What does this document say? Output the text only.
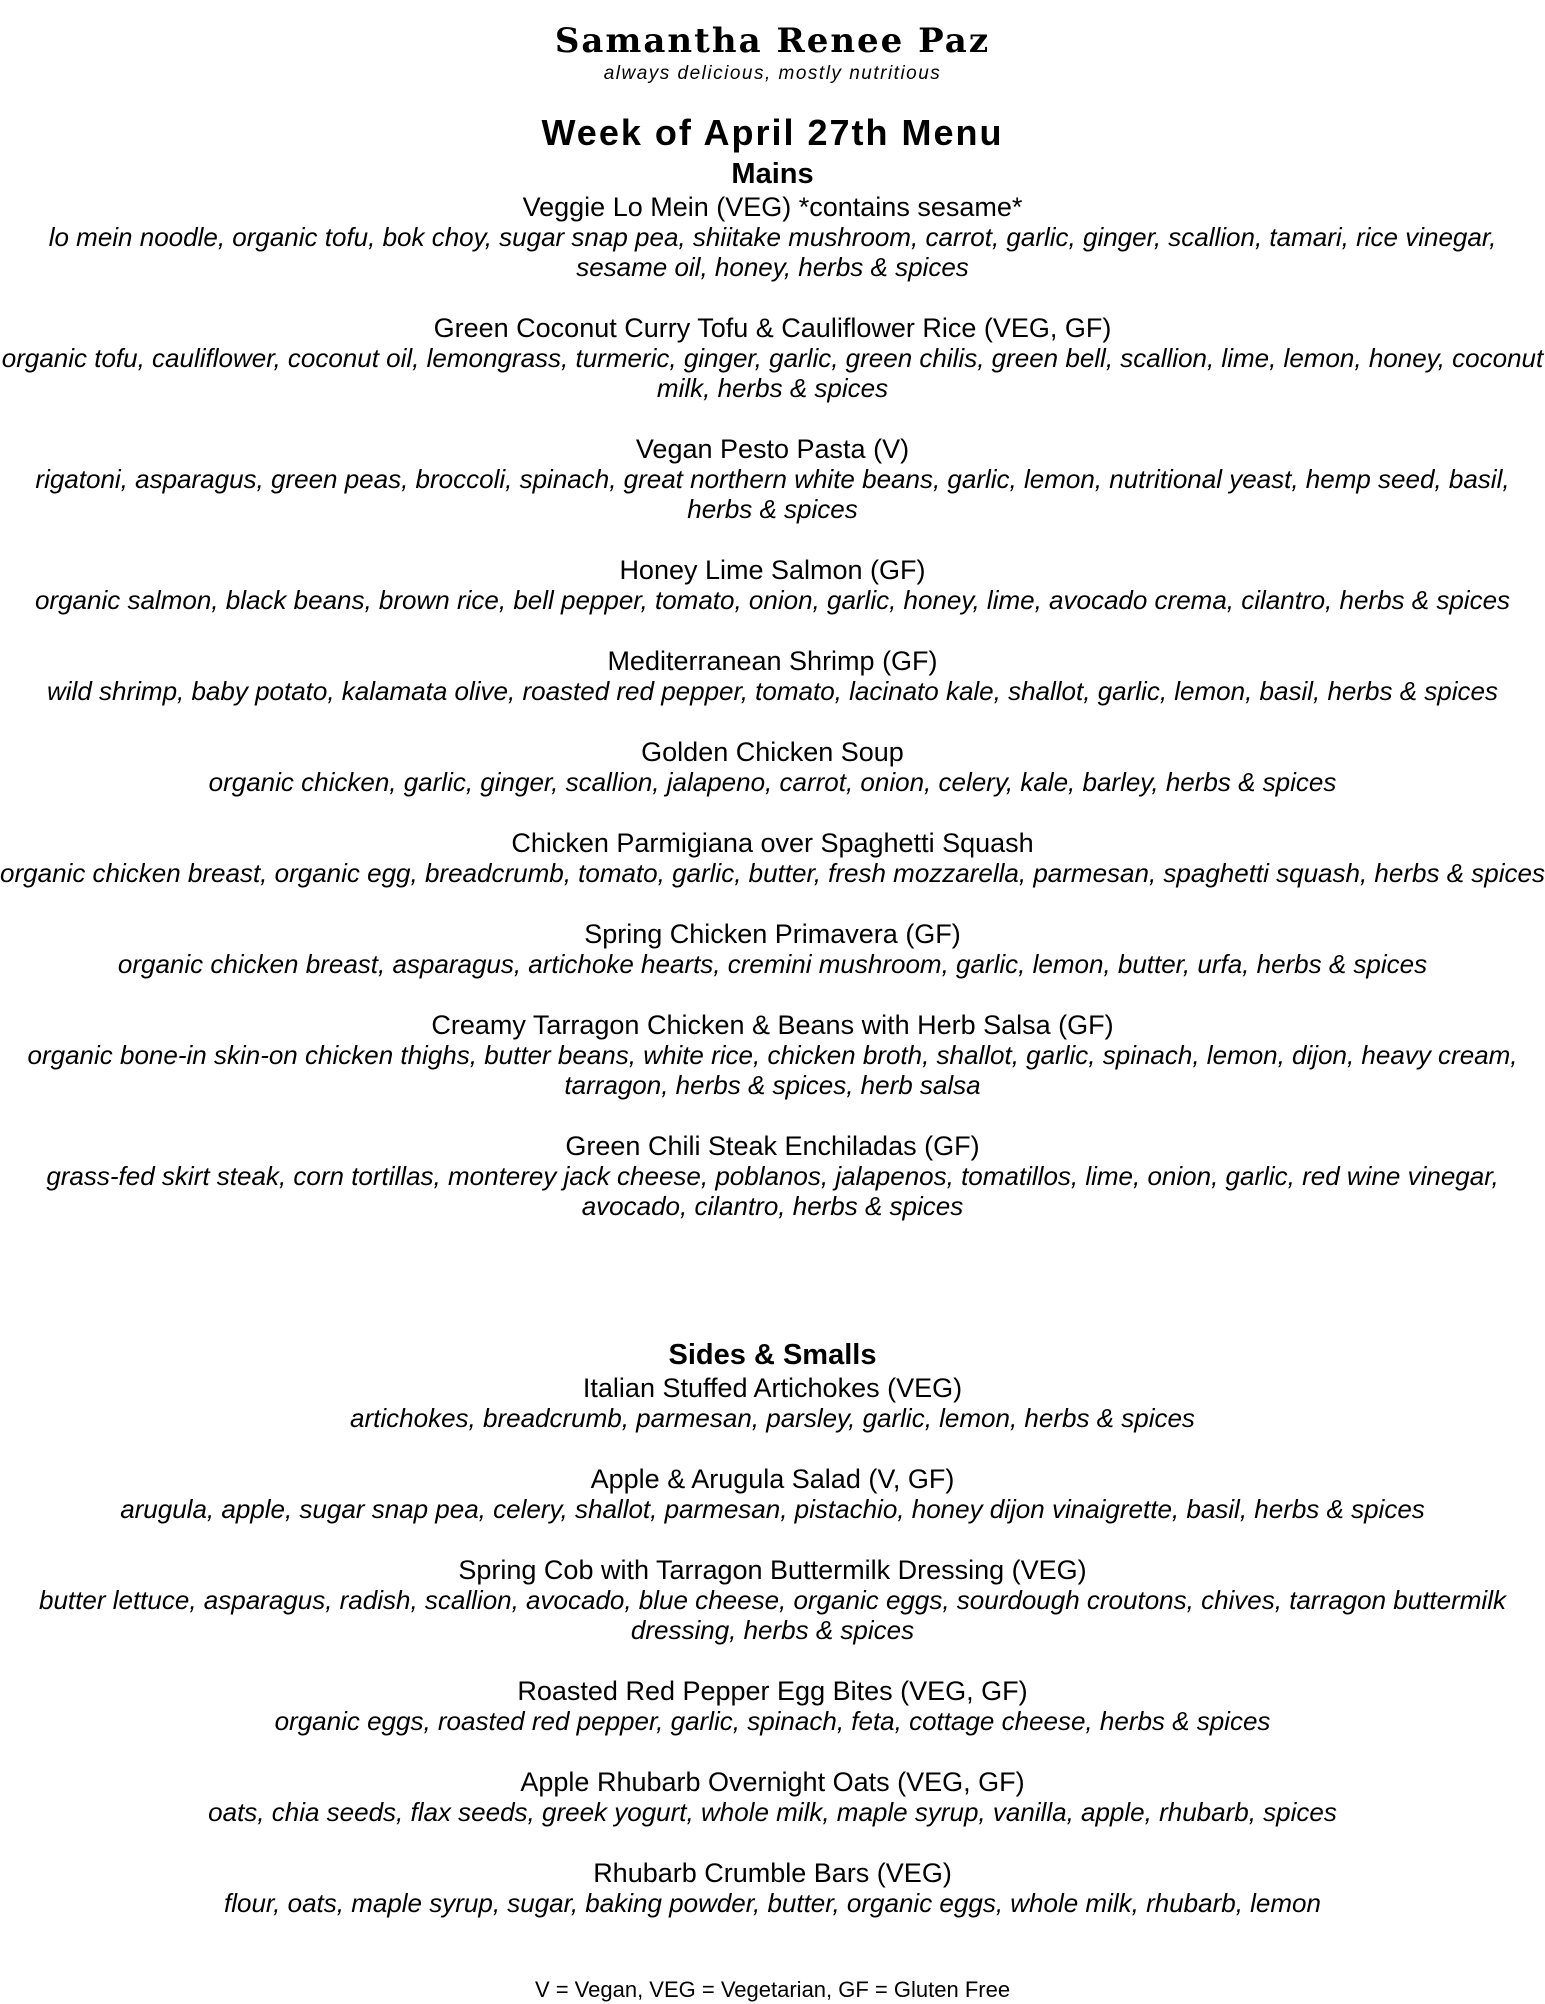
Samantha Renee Paz
always delicious, mostly nutritious
Week of April 27th Menu
Mains
Veggie Lo Mein (VEG) *contains sesame*
lo mein noodle, organic tofu, bok choy, sugar snap pea, shiitake mushroom, carrot, garlic, ginger, scallion, tamari, rice vinegar, sesame oil, honey, herbs & spices
Green Coconut Curry Tofu & Cauliflower Rice (VEG, GF)
organic tofu, cauliflower, coconut oil, lemongrass, turmeric, ginger, garlic, green chilis, green bell, scallion, lime, lemon, honey, coconut milk, herbs & spices
Vegan Pesto Pasta (V)
rigatoni, asparagus, green peas, broccoli, spinach, great northern white beans, garlic, lemon, nutritional yeast, hemp seed, basil, herbs & spices
Honey Lime Salmon (GF)
organic salmon, black beans, brown rice, bell pepper, tomato, onion, garlic, honey, lime, avocado crema, cilantro, herbs & spices
Mediterranean Shrimp (GF)
wild shrimp, baby potato, kalamata olive, roasted red pepper, tomato, lacinato kale, shallot, garlic, lemon, basil, herbs & spices
Golden Chicken Soup
organic chicken, garlic, ginger, scallion, jalapeno, carrot, onion, celery, kale, barley, herbs & spices
Chicken Parmigiana over Spaghetti Squash
organic chicken breast, organic egg, breadcrumb, tomato, garlic, butter, fresh mozzarella, parmesan, spaghetti squash, herbs & spices
Spring Chicken Primavera (GF)
organic chicken breast, asparagus, artichoke hearts, cremini mushroom, garlic, lemon, butter, urfa, herbs & spices
Creamy Tarragon Chicken & Beans with Herb Salsa (GF)
organic bone-in skin-on chicken thighs, butter beans, white rice, chicken broth, shallot, garlic, spinach, lemon, dijon, heavy cream, tarragon, herbs & spices, herb salsa
Green Chili Steak Enchiladas (GF)
grass-fed skirt steak, corn tortillas, monterey jack cheese, poblanos, jalapenos, tomatillos, lime, onion, garlic, red wine vinegar, avocado, cilantro, herbs & spices
Sides & Smalls
Italian Stuffed Artichokes (VEG)
artichokes, breadcrumb, parmesan, parsley, garlic, lemon, herbs & spices
Apple & Arugula Salad (V, GF)
arugula, apple, sugar snap pea, celery, shallot, parmesan, pistachio, honey dijon vinaigrette, basil, herbs & spices
Spring Cob with Tarragon Buttermilk Dressing (VEG)
butter lettuce, asparagus, radish, scallion, avocado, blue cheese, organic eggs, sourdough croutons, chives, tarragon buttermilk dressing, herbs & spices
Roasted Red Pepper Egg Bites (VEG, GF)
organic eggs, roasted red pepper, garlic, spinach, feta, cottage cheese, herbs & spices
Apple Rhubarb Overnight Oats (VEG, GF)
oats, chia seeds, flax seeds, greek yogurt, whole milk, maple syrup, vanilla, apple, rhubarb, spices
Rhubarb Crumble Bars (VEG)
flour, oats, maple syrup, sugar, baking powder, butter, organic eggs, whole milk, rhubarb, lemon
V = Vegan, VEG = Vegetarian, GF = Gluten Free
